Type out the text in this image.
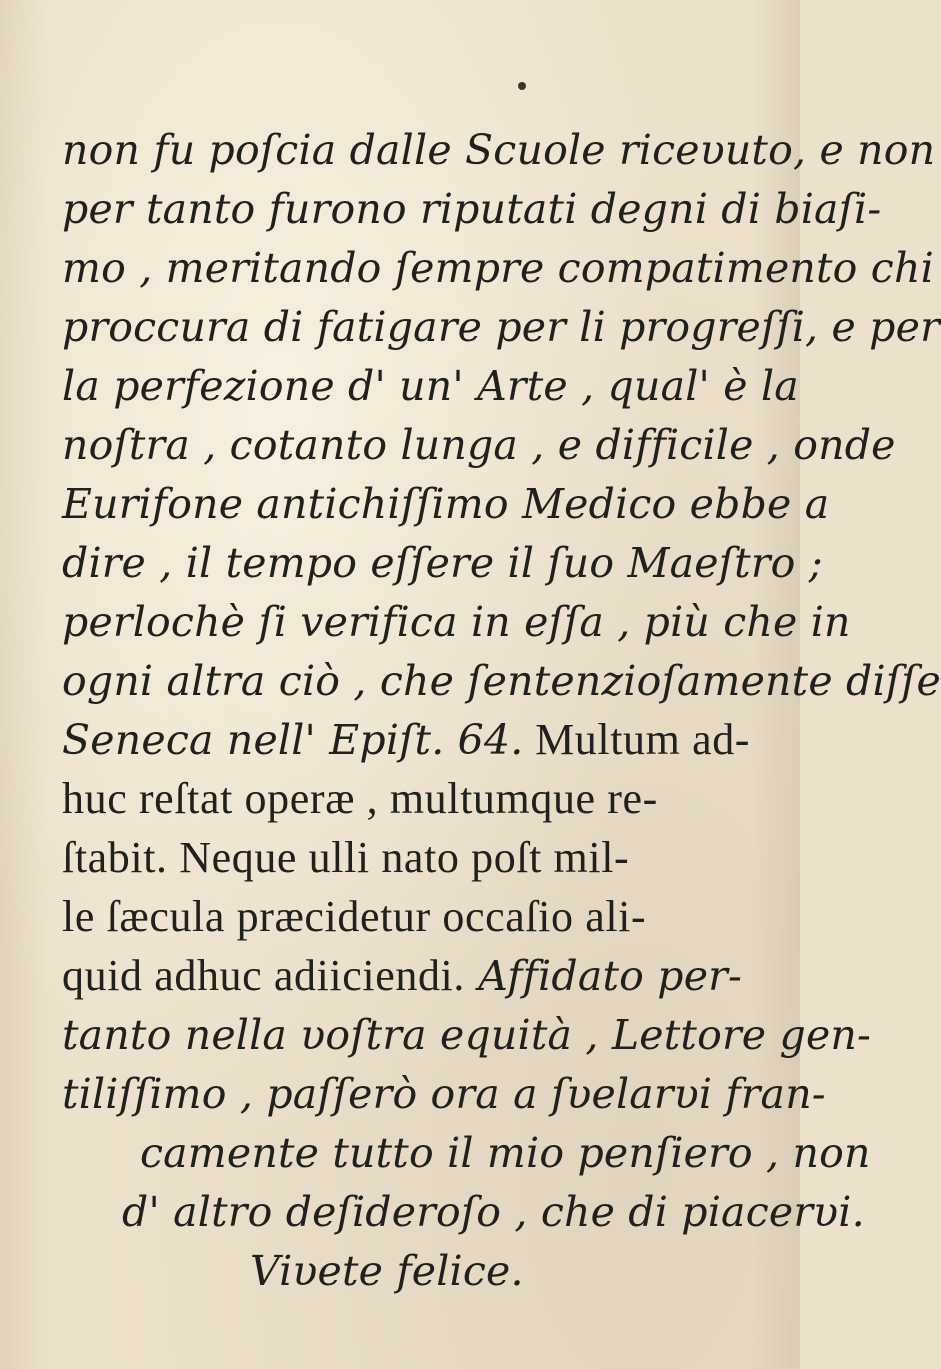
non fu poſcia dalle Scuole riceυuto, e non
per tanto furono riputati degni di biaſi-
mo , meritando ſempre compatimento chi
proccura di fatigare per li progreſſi, e per
la perfezione d' un' Arte , qual' è la
noſtra , cotanto lunga , e difficile , onde
Eurifone antichiſſimo Medico ebbe a
dire , il tempo eſſere il ſuo Maeſtro ;
perlochè ſi verifica in eſſa , più che in
ogni altra ciò , che ſentenzioſamente diſſe
Seneca nell' Epiſt. 64. Multum ad-
huc reſtat operæ , multumque re-
ſtabit. Neque ulli nato poſt mil-
le ſæcula præcidetur occaſio ali-
quid adhuc adiiciendi. Affidato per-
tanto nella υoſtra equità , Lettore gen-
tiliſſimo , paſſerò ora a ſυelarυi fran-
camente tutto il mio penſiero , non
d' altro deſideroſo , che di piacerυi.
Viυete felice.
